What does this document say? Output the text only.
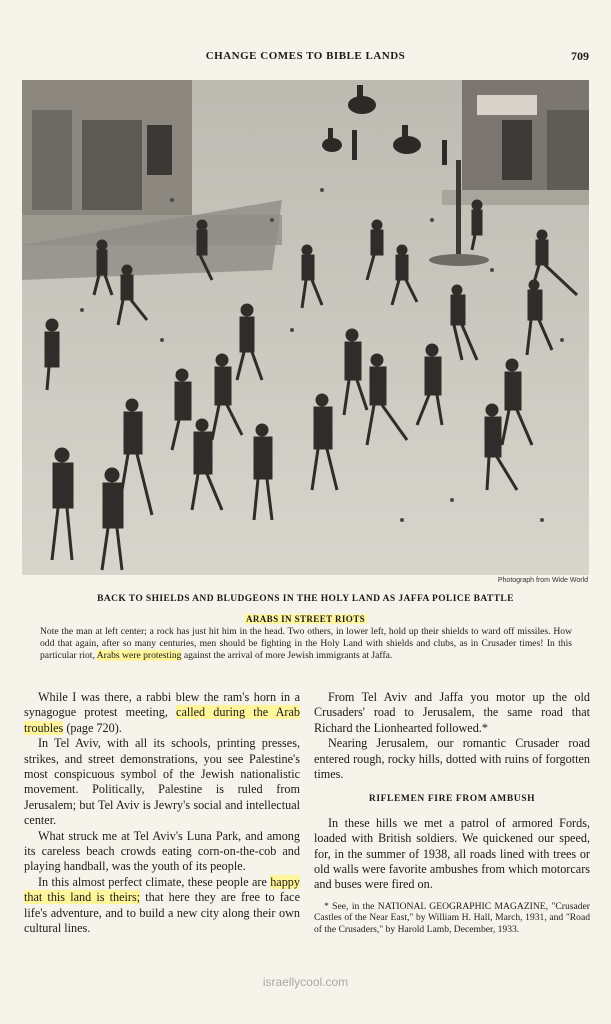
CHANGE COMES TO BIBLE LANDS	709
Photograph from Wide World
BACK TO SHIELDS AND BLUDGEONS IN THE HOLY LAND AS JAFFA POLICE BATTLE
ARABS IN STREET RIOTS
Note the man at left center; a rock has just hit him in the head. Two others, in lower left, hold up their shields to ward off missiles. How odd that again, after so many centuries, men should be fighting in the Holy Land with shields and clubs, as in Crusader times! In this particular riot, Arabs were protesting against the arrival of more Jewish immigrants at Jaffa.

While I was there, a rabbi blew the ram's horn in a synagogue protest meeting, called during the Arab troubles (page 720).

In Tel Aviv, with all its schools, printing presses, strikes, and street demonstrations, you see Palestine's most conspicuous symbol of the Jewish nationalistic movement. Politically, Palestine is ruled from Jerusalem; but Tel Aviv is Jewry's social and intellectual center.

What struck me at Tel Aviv's Luna Park, and among its careless beach crowds eating corn-on-the-cob and playing handball, was the youth of its people.

In this almost perfect climate, these people are happy that this land is theirs; that here they are free to face life's adventure, and to build a new city along their own cultural lines.

From Tel Aviv and Jaffa you motor up the old Crusaders' road to Jerusalem, the same road that Richard the Lionhearted followed.*

Nearing Jerusalem, our romantic Crusader road entered rough, rocky hills, dotted with ruins of forgotten times.

RIFLEMEN FIRE FROM AMBUSH

In these hills we met a patrol of armored Fords, loaded with British soldiers. We quickened our speed, for, in the summer of 1938, all roads lined with trees or old walls were favorite ambushes from which motorcars and buses were fired on.

* See, in the NATIONAL GEOGRAPHIC MAGAZINE, "Crusader Castles of the Near East," by William H. Hall, March, 1931, and "Road of the Crusaders," by Harold Lamb, December, 1933.
israellycool.com
